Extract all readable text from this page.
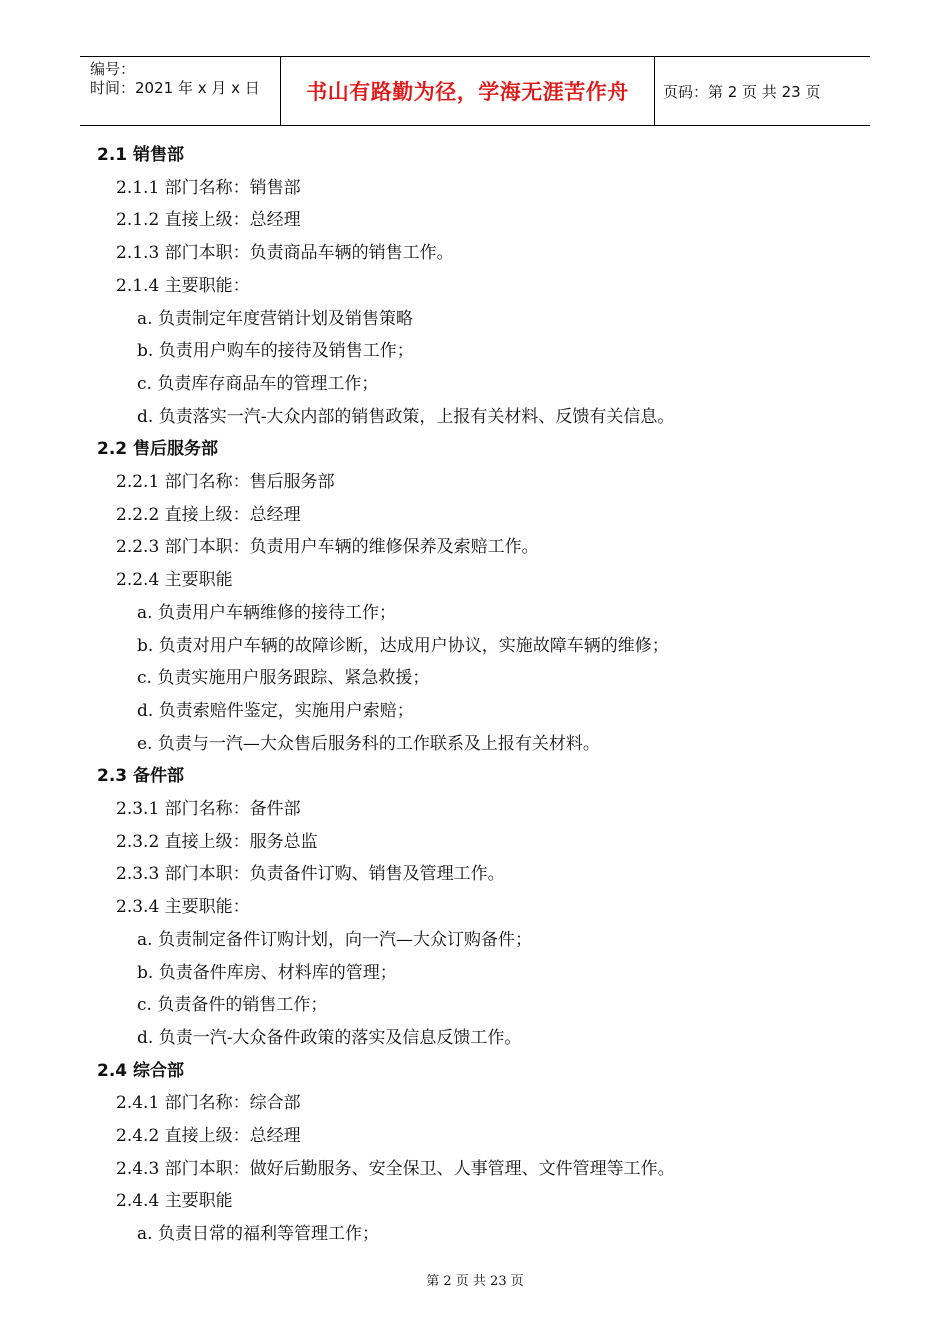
编号：
时间：2021 年 x 月 x 日	书山有路勤为径，学海无涯苦作舟	页码：第 2 页 共 23 页
2.1 销售部
2.1.1 部门名称：销售部
2.1.2 直接上级：总经理
2.1.3 部门本职：负责商品车辆的销售工作。
2.1.4 主要职能：
a. 负责制定年度营销计划及销售策略
b. 负责用户购车的接待及销售工作；
c. 负责库存商品车的管理工作；
d. 负责落实一汽-大众内部的销售政策，上报有关材料、反馈有关信息。
2.2 售后服务部
2.2.1 部门名称：售后服务部
2.2.2 直接上级：总经理
2.2.3 部门本职：负责用户车辆的维修保养及索赔工作。
2.2.4 主要职能
a. 负责用户车辆维修的接待工作；
b. 负责对用户车辆的故障诊断，达成用户协议，实施故障车辆的维修；
c. 负责实施用户服务跟踪、紧急救援；
d. 负责索赔件鉴定，实施用户索赔；
e. 负责与一汽—大众售后服务科的工作联系及上报有关材料。
2.3 备件部
2.3.1 部门名称：备件部
2.3.2 直接上级：服务总监
2.3.3 部门本职：负责备件订购、销售及管理工作。
2.3.4 主要职能：
a. 负责制定备件订购计划，向一汽—大众订购备件；
b. 负责备件库房、材料库的管理；
c. 负责备件的销售工作；
d. 负责一汽-大众备件政策的落实及信息反馈工作。
2.4 综合部
2.4.1 部门名称：综合部
2.4.2 直接上级：总经理
2.4.3 部门本职：做好后勤服务、安全保卫、人事管理、文件管理等工作。
2.4.4 主要职能
a. 负责日常的福利等管理工作；
第 2 页 共 23 页
